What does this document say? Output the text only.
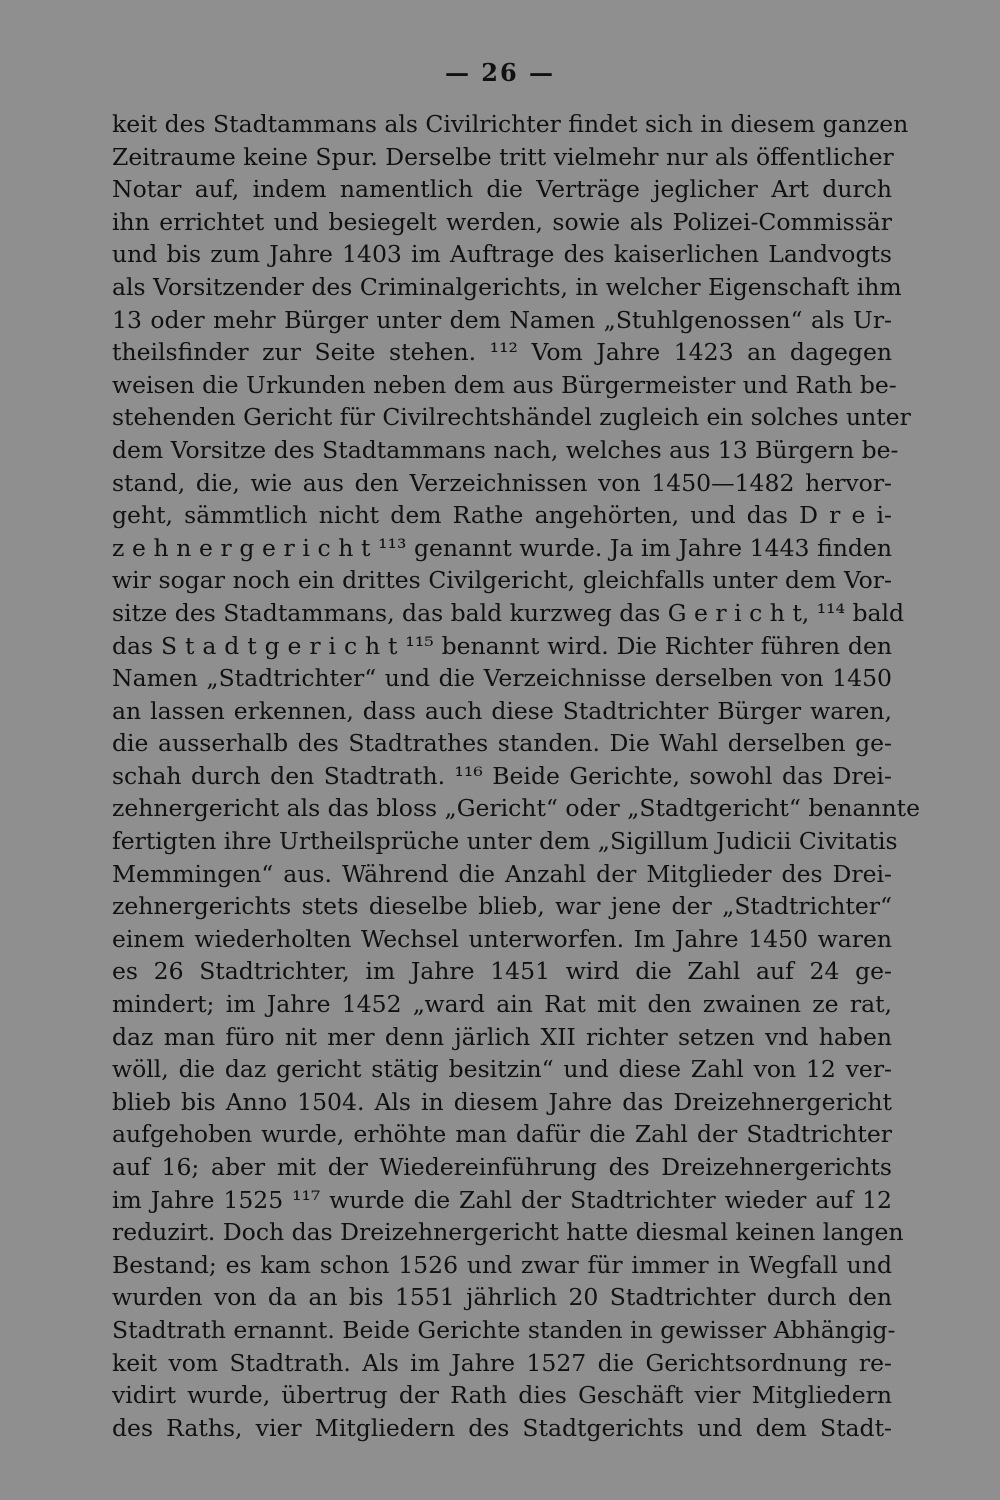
— 26 —
keit des Stadtammans als Civilrichter findet sich in diesem ganzen
Zeitraume keine Spur. Derselbe tritt vielmehr nur als öffentlicher
Notar auf, indem namentlich die Verträge jeglicher Art durch
ihn errichtet und besiegelt werden, sowie als Polizei-Commissär
und bis zum Jahre 1403 im Auftrage des kaiserlichen Landvogts
als Vorsitzender des Criminalgerichts, in welcher Eigenschaft ihm
13 oder mehr Bürger unter dem Namen „Stuhlgenossen“ als Ur-
theilsfinder zur Seite stehen. ¹¹² Vom Jahre 1423 an dagegen
weisen die Urkunden neben dem aus Bürgermeister und Rath be-
stehenden Gericht für Civilrechtshändel zugleich ein solches unter
dem Vorsitze des Stadtammans nach, welches aus 13 Bürgern be-
stand, die, wie aus den Verzeichnissen von 1450—1482 hervor-
geht, sämmtlich nicht dem Rathe angehörten, und das D r e i-
z e h n e r g e r i c h t ¹¹³ genannt wurde. Ja im Jahre 1443 finden
wir sogar noch ein drittes Civilgericht, gleichfalls unter dem Vor-
sitze des Stadtammans, das bald kurzweg das G e r i c h t, ¹¹⁴ bald
das S t a d t g e r i c h t ¹¹⁵ benannt wird. Die Richter führen den
Namen „Stadtrichter“ und die Verzeichnisse derselben von 1450
an lassen erkennen, dass auch diese Stadtrichter Bürger waren,
die ausserhalb des Stadtrathes standen. Die Wahl derselben ge-
schah durch den Stadtrath. ¹¹⁶ Beide Gerichte, sowohl das Drei-
zehnergericht als das bloss „Gericht“ oder „Stadtgericht“ benannte
fertigten ihre Urtheilsprüche unter dem „Sigillum Judicii Civitatis
Memmingen“ aus. Während die Anzahl der Mitglieder des Drei-
zehnergerichts stets dieselbe blieb, war jene der „Stadtrichter“
einem wiederholten Wechsel unterworfen. Im Jahre 1450 waren
es 26 Stadtrichter, im Jahre 1451 wird die Zahl auf 24 ge-
mindert; im Jahre 1452 „ward ain Rat mit den zwainen ze rat,
daz man füro nit mer denn järlich XII richter setzen vnd haben
wöll, die daz gericht stätig besitzin“ und diese Zahl von 12 ver-
blieb bis Anno 1504. Als in diesem Jahre das Dreizehnergericht
aufgehoben wurde, erhöhte man dafür die Zahl der Stadtrichter
auf 16; aber mit der Wiedereinführung des Dreizehnergerichts
im Jahre 1525 ¹¹⁷ wurde die Zahl der Stadtrichter wieder auf 12
reduzirt. Doch das Dreizehnergericht hatte diesmal keinen langen
Bestand; es kam schon 1526 und zwar für immer in Wegfall und
wurden von da an bis 1551 jährlich 20 Stadtrichter durch den
Stadtrath ernannt. Beide Gerichte standen in gewisser Abhängig-
keit vom Stadtrath. Als im Jahre 1527 die Gerichtsordnung re-
vidirt wurde, übertrug der Rath dies Geschäft vier Mitgliedern
des Raths, vier Mitgliedern des Stadtgerichts und dem Stadt-
